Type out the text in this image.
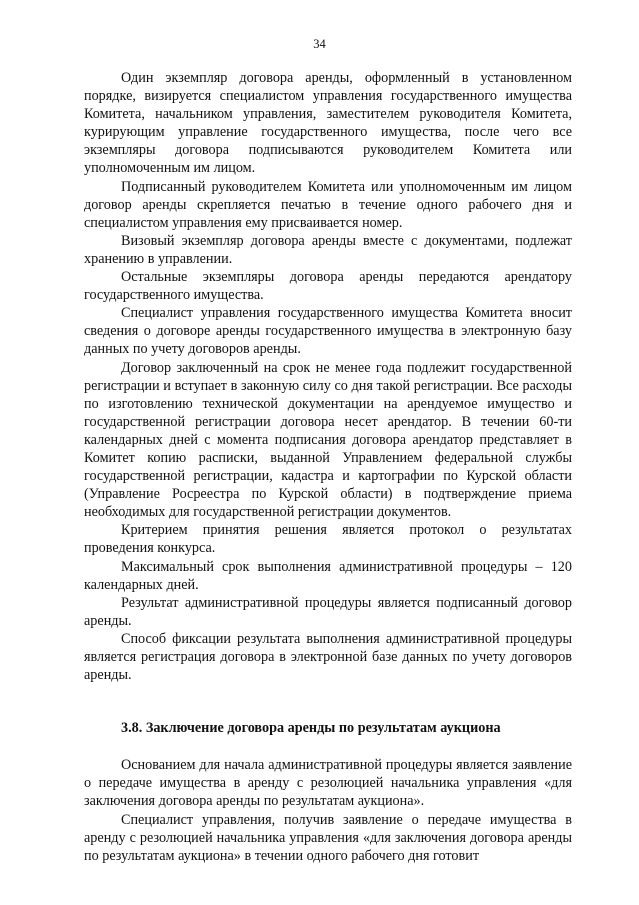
34

Один экземпляр договора аренды, оформленный в установленном порядке, визируется специалистом управления государственного имущества Комитета, начальником управления, заместителем руководителя Комитета, курирующим управление государственного имущества, после чего все экземпляры договора подписываются руководителем Комитета или уполномоченным им лицом.

Подписанный руководителем Комитета или уполномоченным им лицом договор аренды скрепляется печатью в течение одного рабочего дня и специалистом управления ему присваивается номер.

Визовый экземпляр договора аренды вместе с документами, подлежат хранению в управлении.

Остальные экземпляры договора аренды передаются арендатору государственного имущества.

Специалист управления государственного имущества Комитета вносит сведения о договоре аренды государственного имущества в электронную базу данных по учету договоров аренды.

Договор заключенный на срок не менее года подлежит государственной регистрации и вступает в законную силу со дня такой регистрации. Все расходы по изготовлению технической документации на арендуемое имущество и государственной регистрации договора несет арендатор. В течении 60-ти календарных дней с момента подписания договора арендатор представляет в Комитет копию расписки, выданной Управлением федеральной службы государственной регистрации, кадастра и картографии по Курской области (Управление Росреестра по Курской области) в подтверждение приема необходимых для государственной регистрации документов.

Критерием принятия решения является протокол о результатах проведения конкурса.

Максимальный срок выполнения административной процедуры – 120 календарных дней.

Результат административной процедуры является подписанный договор аренды.

Способ фиксации результата выполнения административной процедуры является регистрация договора в электронной базе данных по учету договоров аренды.

3.8. Заключение договора аренды по результатам аукциона

Основанием для начала административной процедуры является заявление о передаче имущества в аренду с резолюцией начальника управления «для заключения договора аренды по результатам аукциона».

Специалист управления, получив заявление о передаче имущества в аренду с резолюцией начальника управления «для заключения договора аренды по результатам аукциона» в течении одного рабочего дня готовит
